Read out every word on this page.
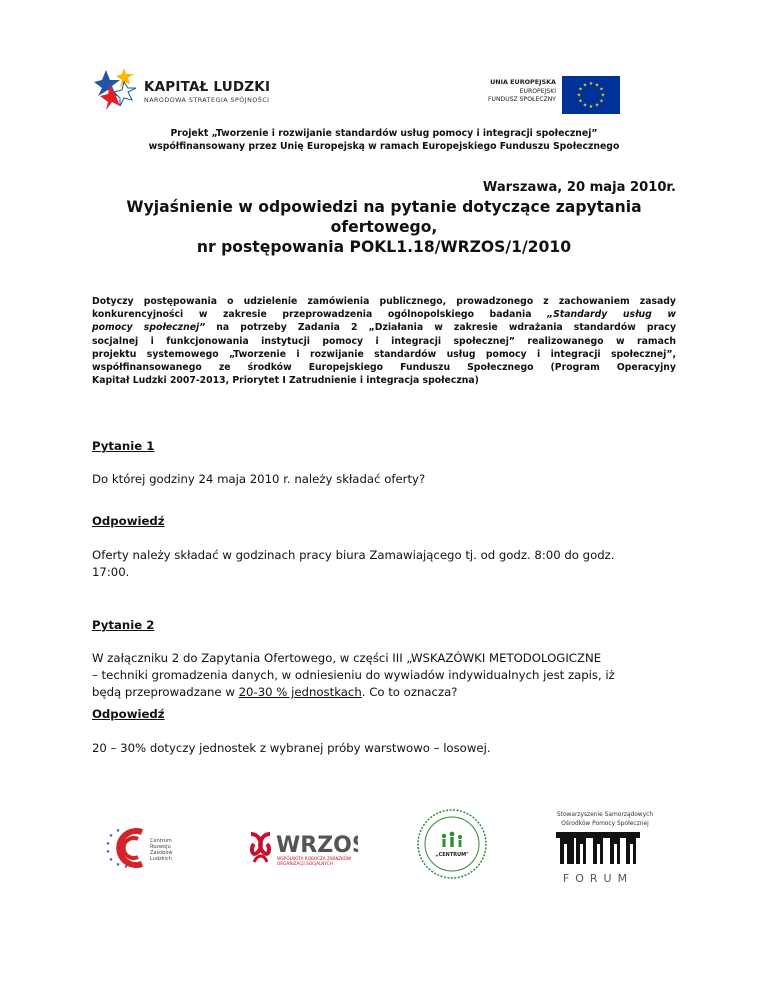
KAPITAŁ LUDZKI
NARODOWA STRATEGIA SPÓJNOŚCI
UNIA EUROPEJSKA
EUROPEJSKI
FUNDUSZ SPOŁECZNY
★ ★
★
★
★
★
★
★
★
★
★
★
Projekt „Tworzenie i rozwijanie standardów usług pomocy i integracji społecznej”
współfinansowany przez Unię Europejską w ramach Europejskiego Funduszu Społecznego
Warszawa, 20 maja 2010r.
Wyjaśnienie w odpowiedzi na pytanie dotyczące zapytania
ofertowego,
nr postępowania POKL1.18/WRZOS/1/2010
Dotyczy postępowania o udzielenie zamówienia publicznego, prowadzonego z zachowaniem zasady
konkurencyjności w zakresie przeprowadzenia ogólnopolskiego badania „Standardy usług w
pomocy społecznej” na potrzeby Zadania 2 „Działania w zakresie wdrażania standardów pracy
socjalnej i funkcjonowania instytucji pomocy i integracji społecznej” realizowanego w ramach
projektu systemowego „Tworzenie i rozwijanie standardów usług pomocy i integracji społecznej”,
współfinansowanego ze środków Europejskiego Funduszu Społecznego (Program Operacyjny
Kapitał Ludzki 2007-2013, Priorytet I Zatrudnienie i integracja społeczna)
Pytanie 1
Do której godziny 24 maja 2010 r. należy składać oferty?
Odpowiedź
Oferty należy składać w godzinach pracy biura Zamawiającego tj. od godz. 8:00 do godz.
17:00.
Pytanie 2
W załączniku 2 do Zapytania Ofertowego, w części III „WSKAZÓWKI METODOLOGICZNE
– techniki gromadzenia danych, w odniesieniu do wywiadów indywidualnych jest zapis, iż
będą przeprowadzane w 20-30 % jednostkach. Co to oznacza?
Odpowiedź
20 – 30% dotyczy jednostek z wybranej próby warstwowo – losowej.
★
★
★
★
★
★ ★
Centrum
Rozwoju
Zasobów
Ludzkich
WRZO
WSPÓLNOTA ROBOCZA ZWIĄZKÓW
ORGANIZACJI SOCJALNYCH
„CENTRUM"
Stowarzyszenie Samorządowych
Ośrodków Pomocy Społecznej
FORUM
